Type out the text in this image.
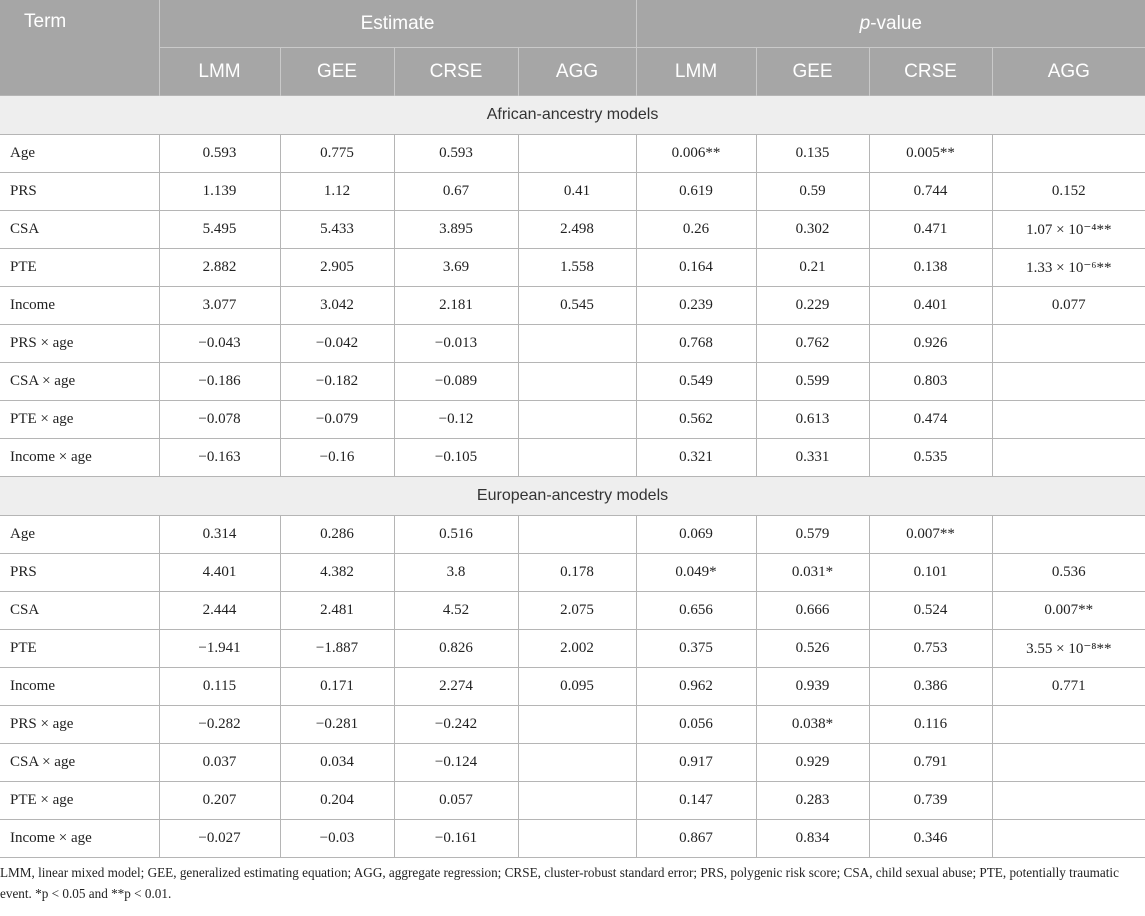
Term	Estimate				p-value			
	LMM	GEE	CRSE	AGG	LMM	GEE	CRSE	AGG
African-ancestry models								
Age	0.593	0.775	0.593		0.006**	0.135	0.005**	
PRS	1.139	1.12	0.67	0.41	0.619	0.59	0.744	0.152
CSA	5.495	5.433	3.895	2.498	0.26	0.302	0.471	1.07 × 10⁻⁴**
PTE	2.882	2.905	3.69	1.558	0.164	0.21	0.138	1.33 × 10⁻⁶**
Income	3.077	3.042	2.181	0.545	0.239	0.229	0.401	0.077
PRS × age	−0.043	−0.042	−0.013		0.768	0.762	0.926	
CSA × age	−0.186	−0.182	−0.089		0.549	0.599	0.803	
PTE × age	−0.078	−0.079	−0.12		0.562	0.613	0.474	
Income × age	−0.163	−0.16	−0.105		0.321	0.331	0.535	
European-ancestry models								
Age	0.314	0.286	0.516		0.069	0.579	0.007**	
PRS	4.401	4.382	3.8	0.178	0.049*	0.031*	0.101	0.536
CSA	2.444	2.481	4.52	2.075	0.656	0.666	0.524	0.007**
PTE	−1.941	−1.887	0.826	2.002	0.375	0.526	0.753	3.55 × 10⁻⁸**
Income	0.115	0.171	2.274	0.095	0.962	0.939	0.386	0.771
PRS × age	−0.282	−0.281	−0.242		0.056	0.038*	0.116	
CSA × age	0.037	0.034	−0.124		0.917	0.929	0.791	
PTE × age	0.207	0.204	0.057		0.147	0.283	0.739	
Income × age	−0.027	−0.03	−0.161		0.867	0.834	0.346	

LMM, linear mixed model; GEE, generalized estimating equation; AGG, aggregate regression; CRSE, cluster-robust standard error; PRS, polygenic risk score; CSA, child sexual abuse; PTE, potentially traumatic event. *p < 0.05 and **p < 0.01.
